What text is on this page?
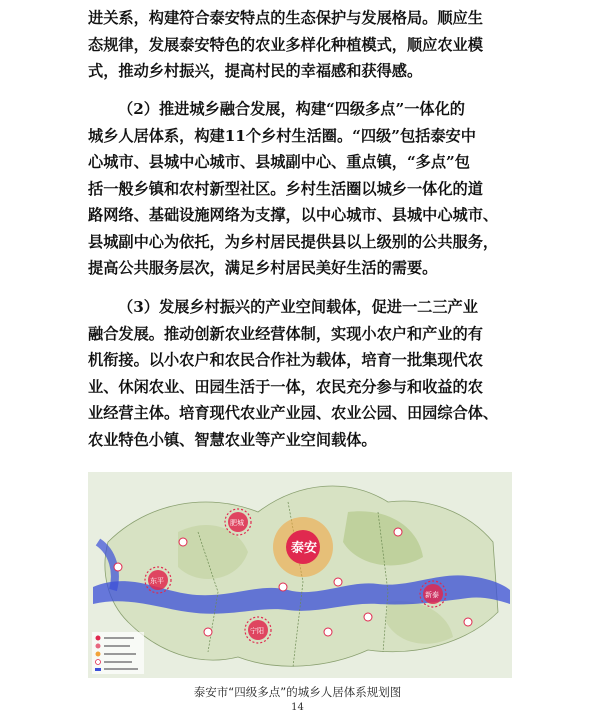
进关系，构建符合泰安特点的生态保护与发展格局。顺应生
态规律，发展泰安特色的农业多样化种植模式，顺应农业模
式，推动乡村振兴，提高村民的幸福感和获得感。
（2）推进城乡融合发展，构建“四级多点”一体化的
城乡人居体系，构建11个乡村生活圈。“四级”包括泰安中
心城市、县城中心城市、县城副中心、重点镇，“多点”包
括一般乡镇和农村新型社区。乡村生活圈以城乡一体化的道
路网络、基础设施网络为支撑，以中心城市、县城中心城市、
县城副中心为依托，为乡村居民提供县以上级别的公共服务，
提高公共服务层次，满足乡村居民美好生活的需要。
（3）发展乡村振兴的产业空间载体，促进一二三产业
融合发展。推动创新农业经营体制，实现小农户和产业的有
机衔接。以小农户和农民合作社为载体，培育一批集现代农
业、休闲农业、田园生活于一体，农民充分参与和收益的农
业经营主体。培育现代农业产业园、农业公园、田园综合体、
农业特色小镇、智慧农业等产业空间载体。
泰安
东平
肥城
宁阳
新泰
泰安市“四级多点”的城乡人居体系规划图
14
